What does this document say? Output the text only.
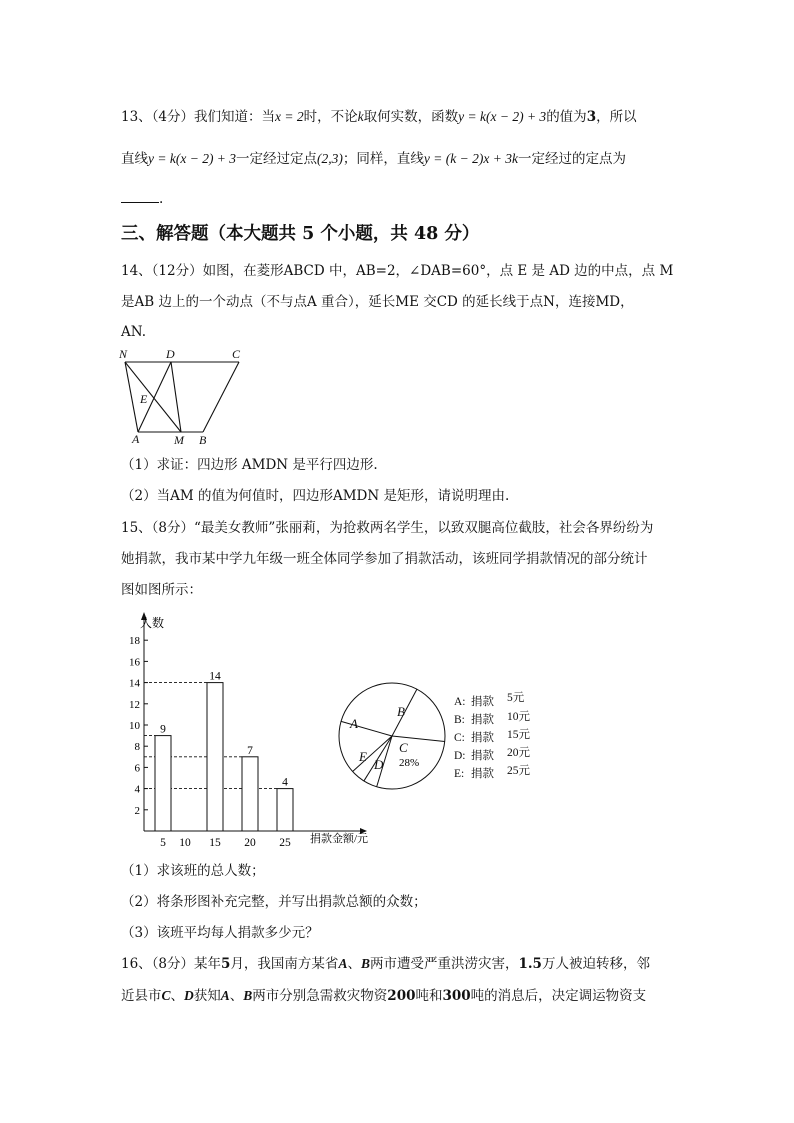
13、（4分）我们知道：当x = 2时，不论k取何实数，函数y = k(x − 2) + 3的值为3，所以
直线y = k(x − 2) + 3一定经过定点(2,3)；同样，直线y = (k − 2)x + 3k一定经过的定点为
.
三、解答题（本大题共 5 个小题，共 48 分）
14、（12分）如图，在菱形ABCD 中，AB=2，∠DAB=60°，点 E 是 AD 边的中点，点 M
是AB 边上的一个动点（不与点A 重合），延长ME 交CD 的延长线于点N，连接MD，
AN.
N	D	C
E
A	M B
（1）求证：四边形 AMDN 是平行四边形.
（2）当AM 的值为何值时，四边形AMDN 是矩形，请说明理由.
15、（8分）“最美女教师”张丽莉，为抢救两名学生，以致双腿高位截肢，社会各界纷纷为
她捐款，我市某中学九年级一班全体同学参加了捐款活动，该班同学捐款情况的部分统计
图如图所示：
2
4
6
8
10
12
14
16
18
5 10 15 20 25
9
14
7
4
人数
捐款金额/元
B
A
C
E
D 28%
A: 捐款 5元
B: 捐款 10元
C: 捐款 15元
D: 捐款 20元
E: 捐款 25元
（1）求该班的总人数；
（2）将条形图补充完整，并写出捐款总额的众数；
（3）该班平均每人捐款多少元？
16、（8分）某年5月，我国南方某省A、B两市遭受严重洪涝灾害，1.5万人被迫转移，邻
近县市C、D获知A、B两市分别急需救灾物资200吨和300吨的消息后，决定调运物资支
